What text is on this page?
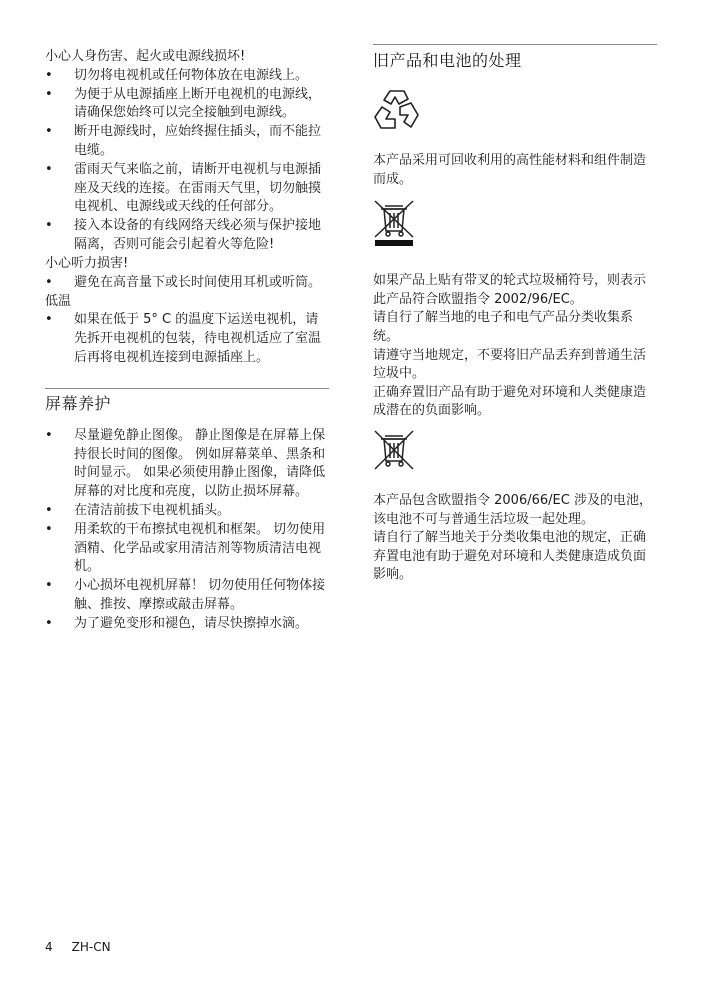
小心人身伤害、起火或电源线损坏!

•	切勿将电视机或任何物体放在电源线上。
•	为便于从电源插座上断开电视机的电源线，请确保您始终可以完全接触到电源线。
•	断开电源线时，应始终握住插头，而不能拉电缆。
•	雷雨天气来临之前，请断开电视机与电源插座及天线的连接。在雷雨天气里，切勿触摸电视机、电源线或天线的任何部分。
•	接入本设备的有线网络天线必须与保护接地隔离，否则可能会引起着火等危险!

小心听力损害!

•	避免在高音量下或长时间使用耳机或听筒。

低温

•	如果在低于 5° C 的温度下运送电视机，请先拆开电视机的包装，待电视机适应了室温后再将电视机连接到电源插座上。
屏幕养护
•	尽量避免静止图像。 静止图像是在屏幕上保持很长时间的图像。 例如屏幕菜单、黑条和时间显示。 如果必须使用静止图像，请降低屏幕的对比度和亮度，以防止损坏屏幕。
•	在清洁前拔下电视机插头。
•	用柔软的干布擦拭电视机和框架。 切勿使用酒精、化学品或家用清洁剂等物质清洁电视机。
•	小心损坏电视机屏幕！ 切勿使用任何物体接触、推按、摩擦或敲击屏幕。
•	为了避免变形和褪色，请尽快擦掉水滴。
旧产品和电池的处理

本产品采用可回收利用的高性能材料和组件制造而成。

如果产品上贴有带叉的轮式垃圾桶符号，则表示此产品符合欧盟指令 2002/96/EC。

请自行了解当地的电子和电气产品分类收集系统。

请遵守当地规定，不要将旧产品丢弃到普通生活垃圾中。

正确弃置旧产品有助于避免对环境和人类健康造成潜在的负面影响。

本产品包含欧盟指令 2006/66/EC 涉及的电池，该电池不可与普通生活垃圾一起处理。

请自行了解当地关于分类收集电池的规定，正确弃置电池有助于避免对环境和人类健康造成负面影响。

4 ZH-CN
